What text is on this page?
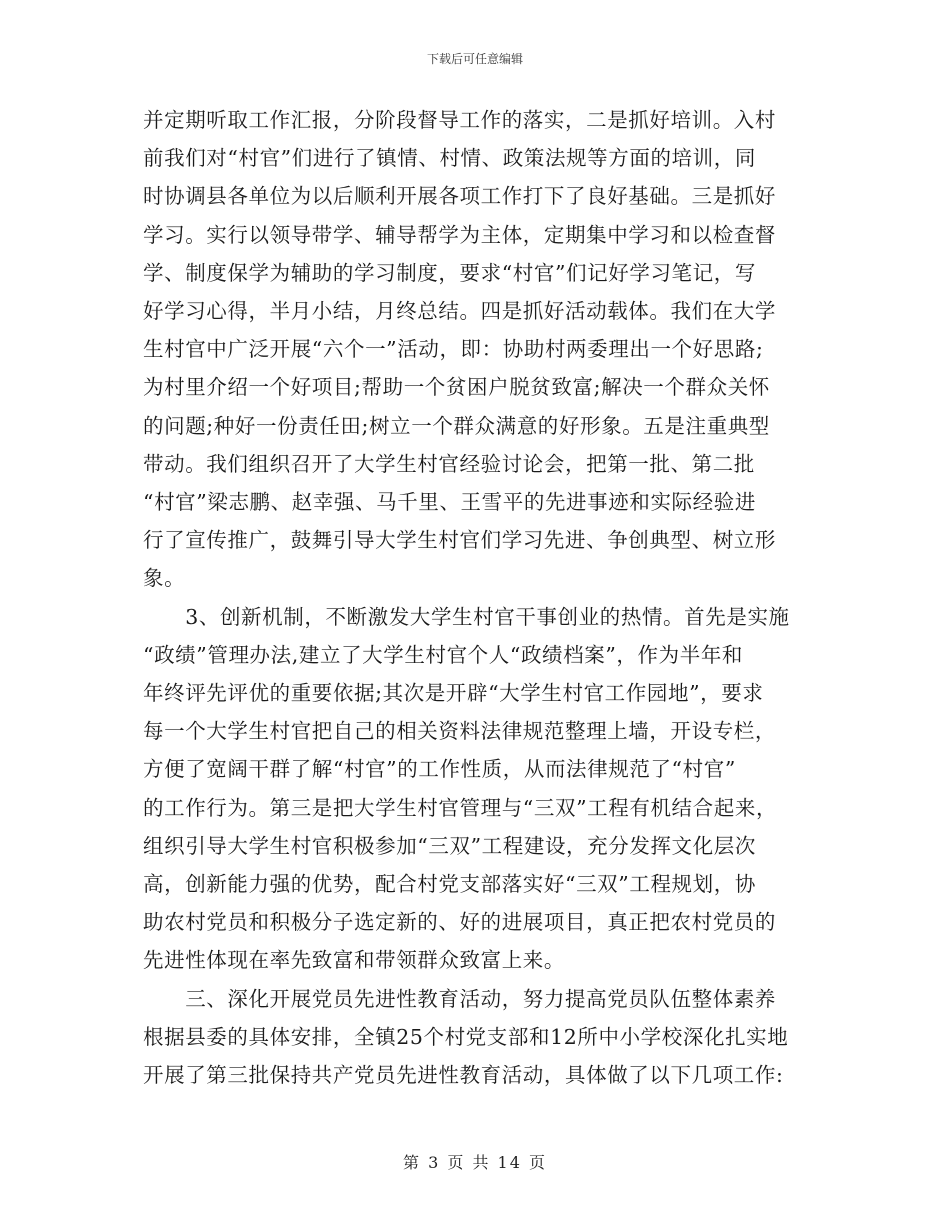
下载后可任意编辑

并定期听取工作汇报，分阶段督导工作的落实，二是抓好培训。入村
前我们对“村官”们进行了镇情、村情、政策法规等方面的培训，同
时协调县各单位为以后顺利开展各项工作打下了良好基础。三是抓好
学习。实行以领导带学、辅导帮学为主体，定期集中学习和以检查督
学、制度保学为辅助的学习制度，要求“村官”们记好学习笔记，写
好学习心得，半月小结，月终总结。四是抓好活动载体。我们在大学
生村官中广泛开展“六个一”活动，即：协助村两委理出一个好思路;
为村里介绍一个好项目;帮助一个贫困户脱贫致富;解决一个群众关怀
的问题;种好一份责任田;树立一个群众满意的好形象。五是注重典型
带动。我们组织召开了大学生村官经验讨论会，把第一批、第二批
“村官”梁志鹏、赵幸强、马千里、王雪平的先进事迹和实际经验进
行了宣传推广，鼓舞引导大学生村官们学习先进、争创典型、树立形
象。
　　3、创新机制，不断激发大学生村官干事创业的热情。首先是实施
“政绩”管理办法,建立了大学生村官个人“政绩档案”，作为半年和
年终评先评优的重要依据;其次是开辟“大学生村官工作园地”，要求
每一个大学生村官把自己的相关资料法律规范整理上墙，开设专栏，
方便了宽阔干群了解“村官”的工作性质，从而法律规范了“村官”
的工作行为。第三是把大学生村官管理与“三双”工程有机结合起来，
组织引导大学生村官积极参加“三双”工程建设，充分发挥文化层次
高，创新能力强的优势，配合村党支部落实好“三双”工程规划，协
助农村党员和积极分子选定新的、好的进展项目，真正把农村党员的
先进性体现在率先致富和带领群众致富上来。
　　三、深化开展党员先进性教育活动，努力提高党员队伍整体素养
根据县委的具体安排，全镇25个村党支部和12所中小学校深化扎实地
开展了第三批保持共产党员先进性教育活动，具体做了以下几项工作:

第 3 页 共 14 页
